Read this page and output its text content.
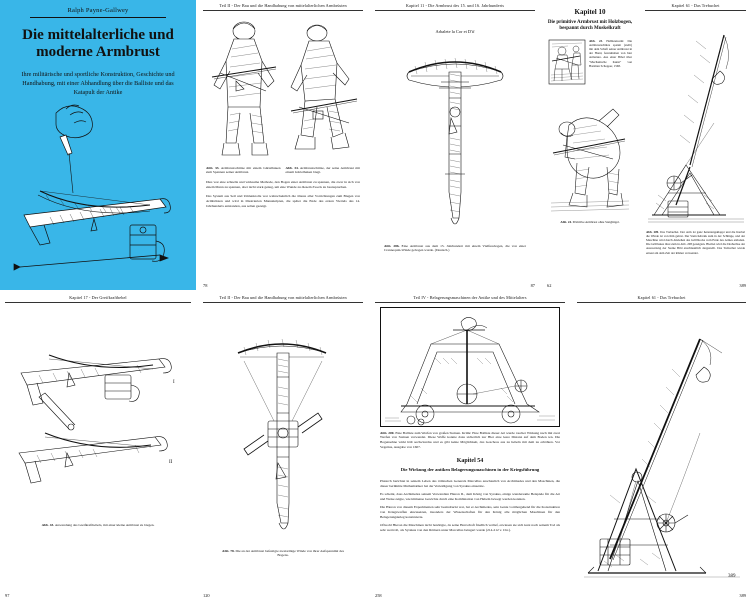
Ralph Payne-Gallwey
Die mittelalterliche und moderne Armbrust
Ihre militärische und sportliche Konstruktion, Geschichte und Handhabung, mit einer Abhandlung über die Balliste und das Katapult der Antike
Teil II - Der Bau und die Handhabung von mittelalterlichen Armbrüsten
Abb. 33. Armbrustschütze mit einem Gürtelhaken zum Spannen seiner Armbrust.
Abb. 34. Armbrustschütze, der seine Armbrust mit einem Gürtelhaken biegt.
Dies war eine schnelle und wirksame Methode, den Bogen einer Armbrust zu spannen, die zwar in sich von einem Mann zu spannen, aber nicht stark genug, um eine Wunde zu diesem Zweck zu beanspruchen.
Das System aus Seil und Umlenkrolle war wahrscheinlich die älteste aller Vorrichtungen zum Biegen von Armbrüsten und wird in illustrierten Manuskripten, die später die Ende des ersten Viertels des 14. Jahrhunderts entstanden, aus selten gezeigt.
78
Kapitel 11 - Die Armbrust des 15. und 16. Jahrhunderts
Arbalete la Cor et D'if
Abb. 286. Eine Armbrust aus dem 15. Jahrhundert mit einem Vielfussbogen, die von einer Crannequin-Winde gebogen wurde. (Deutsch.)
87
Kapitel 10
Die primitive Armbrust mit Holzbogen, bespannt durch Muskelkraft
Abb. 23. Halbkreisarm: Die Armbrustschütze spannt (stellt) mit dem Schaft seiner Armbrust in der Hand, festzuhalten von hier Armature. Aus einer Bibel über "Mechanische Kunst" von Hartman Schopper, 1568.
Abb. 24. Primitive Armbrust ohne Steigbügel.
62
Kapitel 61 - Das Trebuchet
Abb. 209. Das Trebuchet. Der Arm ist ganz heruntergeklappt und die Kurbel die Winde ist von ihm gelöst. Der Stein hebraik zum in der Schlinge, und der Maschine wird durch Abziehen des Grillblocks vom Ende des Armes entladen. Die Grillbakes lässt zum in Abb. 208 gezeigten. Hierbei wird die Drehachse der Auswertung der Steine Bild anschleunlich dargestellt. Das Trebuchet wurde erneut am dem Zeit der Römer verwendet.
389
Kapitel 17 - Der Greifkraftbebel
I
II
Abb. 43. Anwendung des Greifkrafthebels, mit einer kleine Armbrust zu biegen.
97
Teil II - Der Bau und die Handhabung von mittelalterlichen Armbrüsten
Abb. 78. Die an der Armbrust befestigte zweiarmige Winde von ihrer Aufspannmit des Bogens.
120
Teil IV - Belagerungsmaschinen der Antike und des Mittelalters
Abb. 200. Eine Balliste zum Werfen von großen Steinen. Kritik: Eine Balliste dieser Art wurde rascher Wirkung nach mit zwei Werfen von Steinen verwendet. Diese Waffe konnte dazu sicherlich zur Hier eine leere Distanz auf dem Boden ten. Die Bogensehne wirkt hält sechs/zurdas und es gibt keine Möglichkeit, das Geschoss aus zu hebeln mit dem zu erhöhten. Vor Vegetius, Ausgabe von 1607.
Kapitel 54
Die Wirkung der antiken Belagerungsmaschinen in der Kriegsführung
Plutarch berichtet in seinem Leben des römischen Generals Marcellus anschaulich von Archimedes und den Maschinen, die dieser berühmte Mathematiker bei der Verteidigung von Syrakus einsetzte.
Es scheint, dass Archimedes seinem Verwandten Hieron II., dem König von Syrakus, einige wundersame Beispiele für die Art und Weise zeigte, wie immense Gewichte durch eine Kombination von Hebeln bewegt werden konnten.
Die Hieron von diesem Experimenten sehr beeindruckt war, bat er Archimedes, sein Genie vorübergehend für die Konstruktion von Kriegswaffen einzusetzen, insonders der Wissenschaften für den König alle möglichen Maschinen für den Belagerungskrieg konstruierte.
Oftwohl Hieron die Maschinen nicht benötigte, da seine Herrschaft friedlich verlief, erwiesen sie sich kurz nach seinem Tod als sehr wertvoll, als Syrakus von den Römern unter Marcellus belagert wurde (214-212 v. Chr.).
258
Kapitel 61 - Das Trebuchet
389
389
